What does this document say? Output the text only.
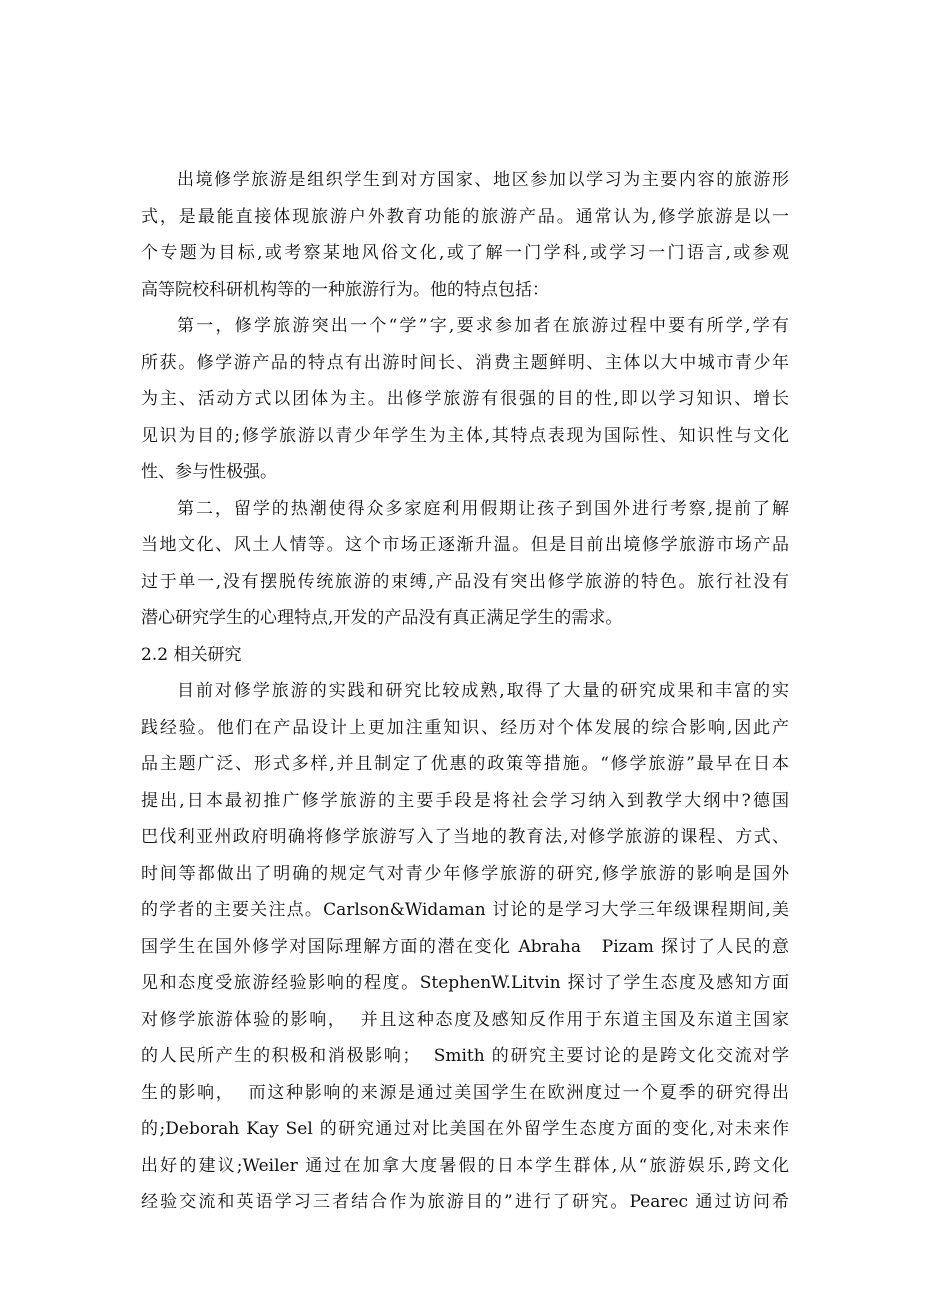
出境修学旅游是组织学生到对方国家、地区参加以学习为主要内容的旅游形
式，是最能直接体现旅游户外教育功能的旅游产品。通常认为,修学旅游是以一
个专题为目标,或考察某地风俗文化,或了解一门学科,或学习一门语言,或参观
高等院校科研机构等的一种旅游行为。他的特点包括：
第一，修学旅游突出一个“学”字,要求参加者在旅游过程中要有所学,学有
所获。修学游产品的特点有出游时间长、消费主题鲜明、主体以大中城市青少年
为主、活动方式以团体为主。出修学旅游有很强的目的性,即以学习知识、增长
见识为目的;修学旅游以青少年学生为主体,其特点表现为国际性、知识性与文化
性、参与性极强。
第二，留学的热潮使得众多家庭利用假期让孩子到国外进行考察,提前了解
当地文化、风土人情等。这个市场正逐渐升温。但是目前出境修学旅游市场产品
过于单一,没有摆脱传统旅游的束缚,产品没有突出修学旅游的特色。旅行社没有
潜心研究学生的心理特点,开发的产品没有真正满足学生的需求。
2.2 相关研究
目前对修学旅游的实践和研究比较成熟,取得了大量的研究成果和丰富的实
践经验。他们在产品设计上更加注重知识、经历对个体发展的综合影响,因此产
品主题广泛、形式多样,并且制定了优惠的政策等措施。“修学旅游”最早在日本
提出,日本最初推广修学旅游的主要手段是将社会学习纳入到教学大纲中?德国
巴伐利亚州政府明确将修学旅游写入了当地的教育法,对修学旅游的课程、方式、
时间等都做出了明确的规定气对青少年修学旅游的研究,修学旅游的影响是国外
的学者的主要关注点。Carlson&Widaman 讨论的是学习大学三年级课程期间,美
国学生在国外修学对国际理解方面的潜在变化 Abraha   Pizam 探讨了人民的意
见和态度受旅游经验影响的程度。StephenW.Litvin 探讨了学生态度及感知方面
对修学旅游体验的影响，  并且这种态度及感知反作用于东道主国及东道主国家
的人民所产生的积极和消极影响；  Smith 的研究主要讨论的是跨文化交流对学
生的影响，  而这种影响的来源是通过美国学生在欧洲度过一个夏季的研究得出
的;Deborah Kay Sel 的研究通过对比美国在外留学生态度方面的变化,对未来作
出好的建议;Weiler 通过在加拿大度暑假的日本学生群体,从“旅游娱乐,跨文化
经验交流和英语学习三者结合作为旅游目的”进行了研究。Pearec 通过访问希
